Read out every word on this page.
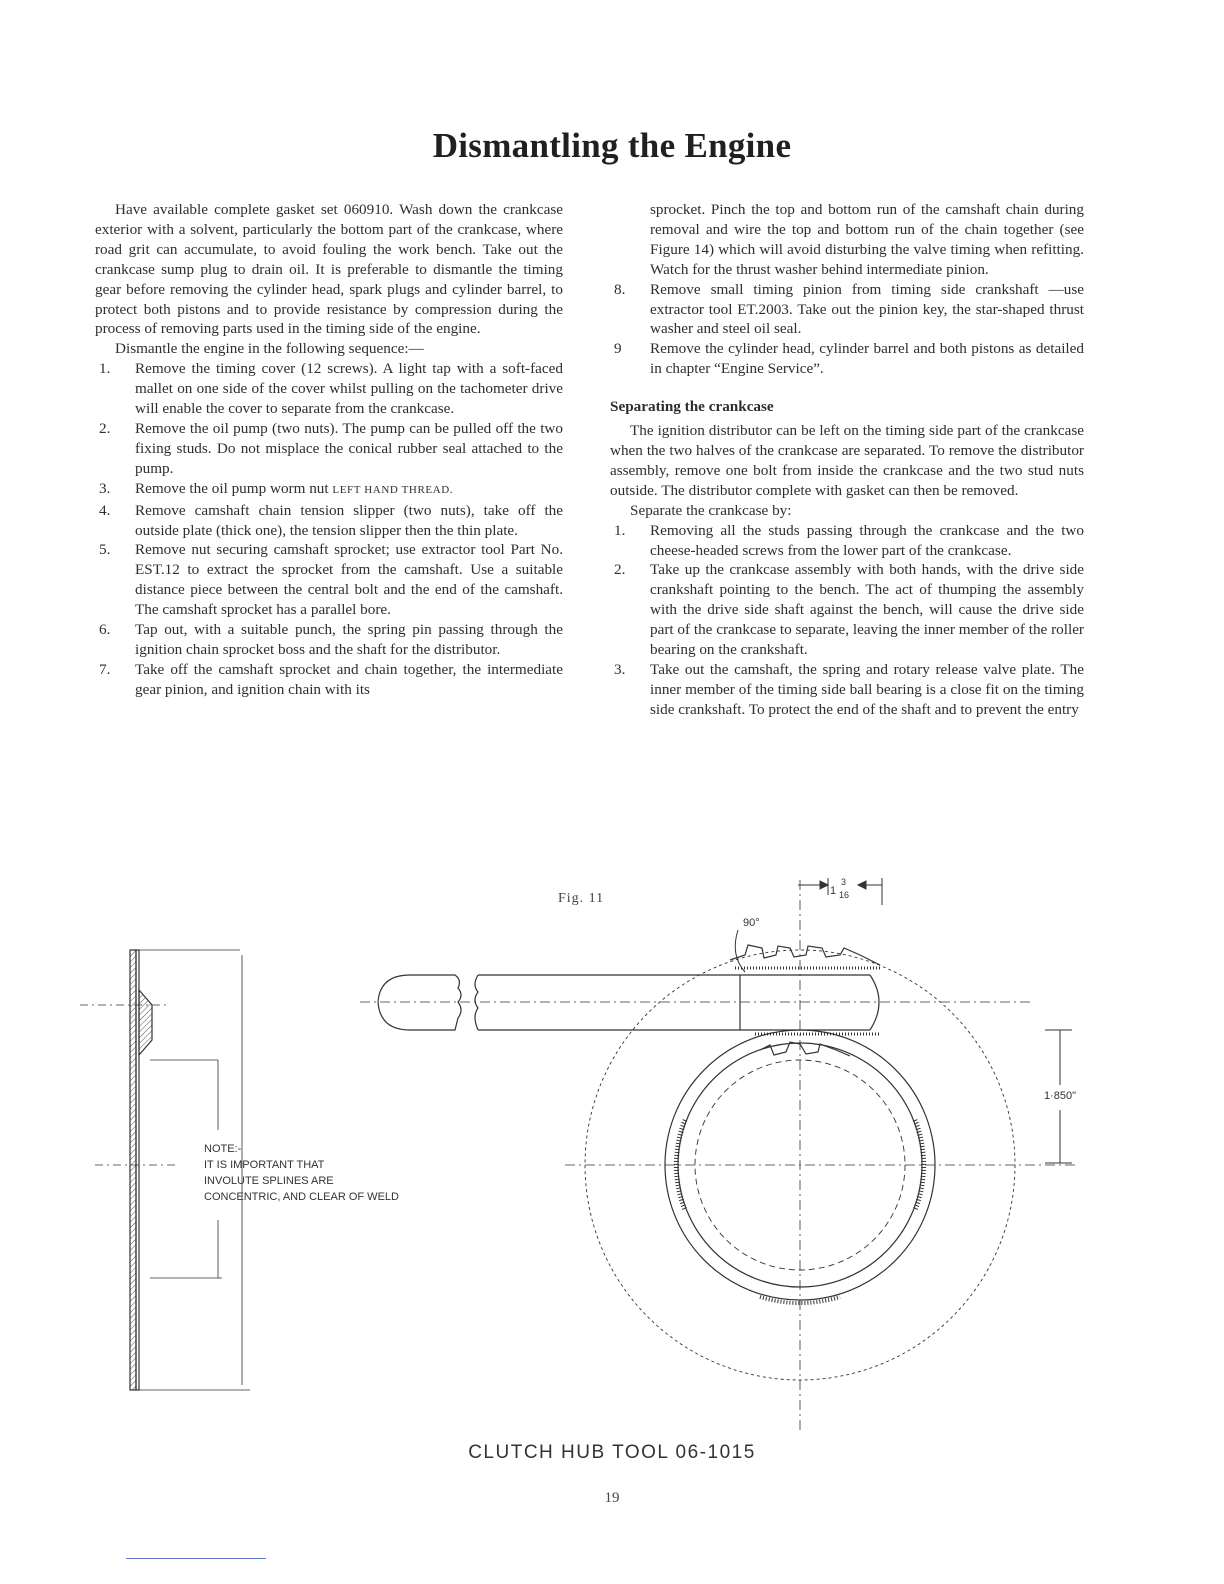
Dismantling the Engine

Have available complete gasket set 060910. Wash down the crankcase exterior with a solvent, particularly the bottom part of the crankcase, where road grit can accumulate, to avoid fouling the work bench. Take out the crankcase sump plug to drain oil. It is preferable to dismantle the timing gear before removing the cylinder head, spark plugs and cylinder barrel, to protect both pistons and to provide resistance by compression during the process of removing parts used in the timing side of the engine.

Dismantle the engine in the following sequence:—

1. Remove the timing cover (12 screws). A light tap with a soft-faced mallet on one side of the cover whilst pulling on the tachometer drive will enable the cover to separate from the crankcase.
2. Remove the oil pump (two nuts). The pump can be pulled off the two fixing studs. Do not misplace the conical rubber seal attached to the pump.
3. Remove the oil pump worm nut LEFT HAND THREAD.
4. Remove camshaft chain tension slipper (two nuts), take off the outside plate (thick one), the tension slipper then the thin plate.
5. Remove nut securing camshaft sprocket; use extractor tool Part No. EST.12 to extract the sprocket from the camshaft. Use a suitable distance piece between the central bolt and the end of the camshaft. The camshaft sprocket has a parallel bore.
6. Tap out, with a suitable punch, the spring pin passing through the ignition chain sprocket boss and the shaft for the distributor.
7. Take off the camshaft sprocket and chain together, the intermediate gear pinion, and ignition chain with its

sprocket. Pinch the top and bottom run of the camshaft chain during removal and wire the top and bottom run of the chain together (see Figure 14) which will avoid disturbing the valve timing when refitting. Watch for the thrust washer behind intermediate pinion.

8. Remove small timing pinion from timing side crankshaft —use extractor tool ET.2003. Take out the pinion key, the star-shaped thrust washer and steel oil seal.
9 Remove the cylinder head, cylinder barrel and both pistons as detailed in chapter “Engine Service”.
Separating the crankcase

The ignition distributor can be left on the timing side part of the crankcase when the two halves of the crankcase are separated. To remove the distributor assembly, remove one bolt from inside the crankcase and the two stud nuts outside. The distributor complete with gasket can then be removed.

Separate the crankcase by:

1. Removing all the studs passing through the crankcase and the two cheese-headed screws from the lower part of the crankcase.
2. Take up the crankcase assembly with both hands, with the drive side crankshaft pointing to the bench. The act of thumping the assembly with the drive side shaft against the bench, will cause the drive side part of the crankcase to separate, leaving the inner member of the roller bearing on the crankshaft.
3. Take out the camshaft, the spring and rotary release valve plate. The inner member of the timing side ball bearing is a close fit on the timing side crankshaft. To protect the end of the shaft and to prevent the entry
Fig. 11
NOTE:- IT IS IMPORTANT THAT INVOLUTE SPLINES ARE CONCENTRIC, AND CLEAR OF WELD
1
3
16
90°
1·850"
CLUTCH HUB TOOL 06-1015
19
